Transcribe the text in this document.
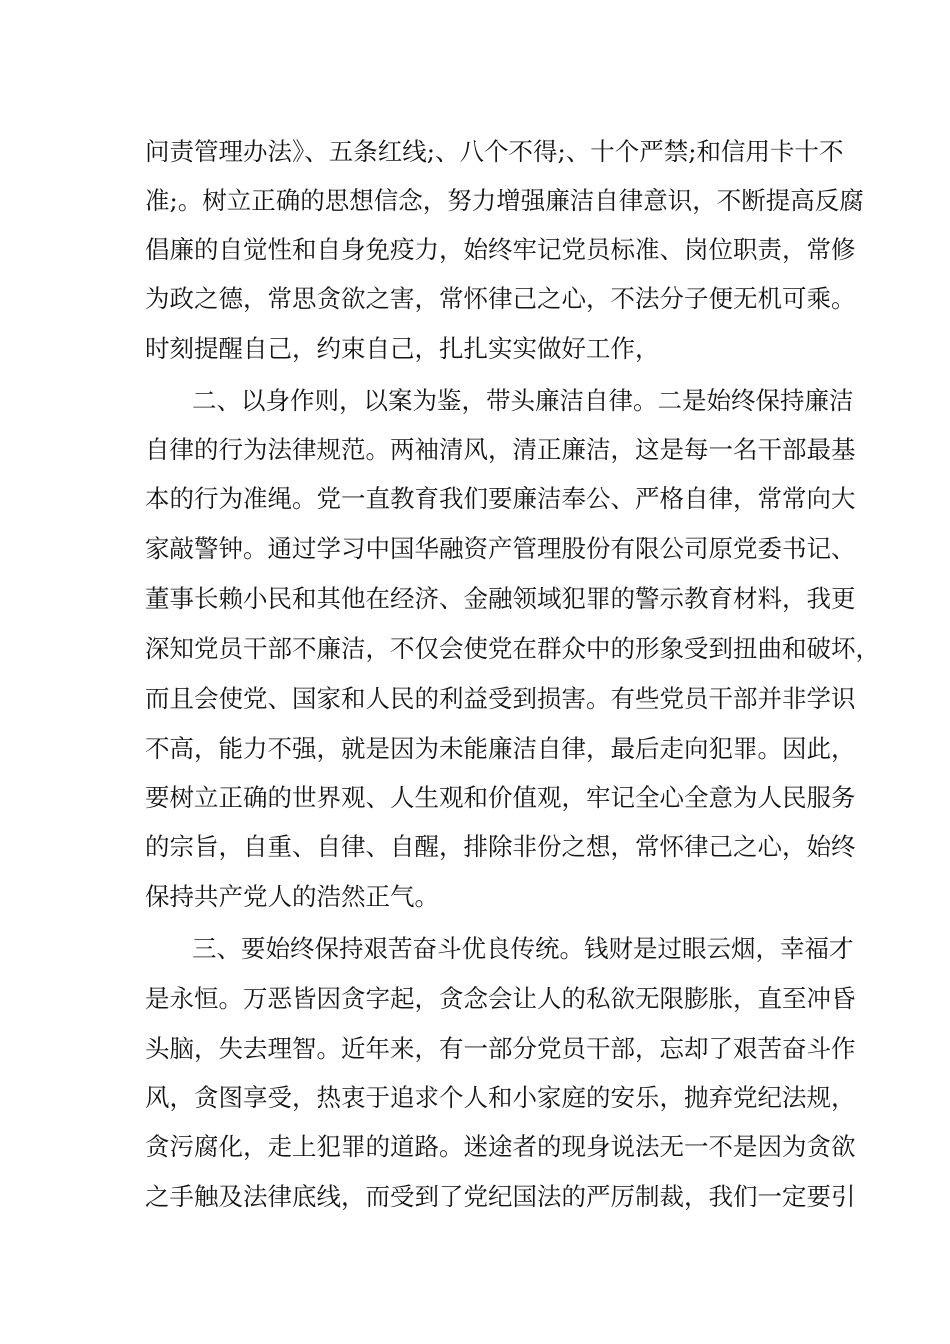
问责管理办法》、五条红线;、八个不得;、十个严禁;和信用卡十不
准;。树立正确的思想信念，努力增强廉洁自律意识，不断提高反腐
倡廉的自觉性和自身免疫力，始终牢记党员标准、岗位职责，常修
为政之德，常思贪欲之害，常怀律己之心，不法分子便无机可乘。
时刻提醒自己，约束自己，扎扎实实做好工作，
二、以身作则，以案为鉴，带头廉洁自律。二是始终保持廉洁
自律的行为法律规范。两袖清风，清正廉洁，这是每一名干部最基
本的行为准绳。党一直教育我们要廉洁奉公、严格自律，常常向大
家敲警钟。通过学习中国华融资产管理股份有限公司原党委书记、
董事长赖小民和其他在经济、金融领域犯罪的警示教育材料，我更
深知党员干部不廉洁，不仅会使党在群众中的形象受到扭曲和破坏，
而且会使党、国家和人民的利益受到损害。有些党员干部并非学识
不高，能力不强，就是因为未能廉洁自律，最后走向犯罪。因此，
要树立正确的世界观、人生观和价值观，牢记全心全意为人民服务
的宗旨，自重、自律、自醒，排除非份之想，常怀律己之心，始终
保持共产党人的浩然正气。
三、要始终保持艰苦奋斗优良传统。钱财是过眼云烟，幸福才
是永恒。万恶皆因贪字起，贪念会让人的私欲无限膨胀，直至冲昏
头脑，失去理智。近年来，有一部分党员干部，忘却了艰苦奋斗作
风，贪图享受，热衷于追求个人和小家庭的安乐，抛弃党纪法规，
贪污腐化，走上犯罪的道路。迷途者的现身说法无一不是因为贪欲
之手触及法律底线，而受到了党纪国法的严厉制裁，我们一定要引
